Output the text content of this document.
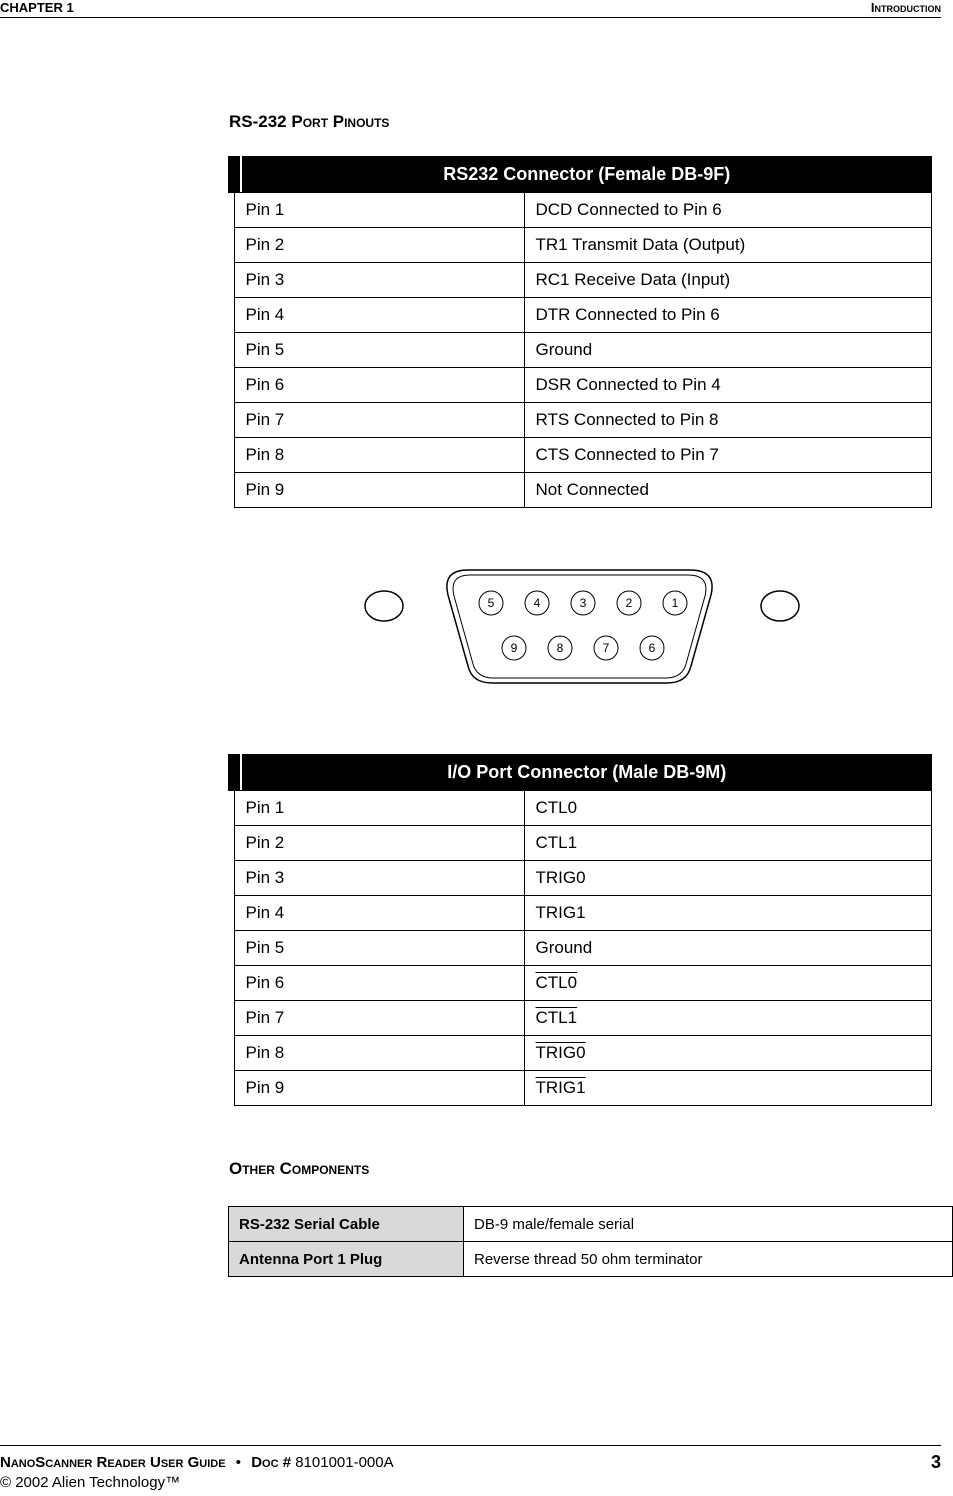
CHAPTER 1	Introduction
RS-232 Port Pinouts
RS232 Connector (Female DB-9F)	

Pin 1	DCD Connected to Pin 6
Pin 2	TR1 Transmit Data (Output)
Pin 3	RC1 Receive Data (Input)
Pin 4	DTR Connected to Pin 6
Pin 5	Ground
Pin 6	DSR Connected to Pin 4
Pin 7	RTS Connected to Pin 8
Pin 8	CTS Connected to Pin 7
Pin 9	Not Connected
5	4	3	2	1
9	8	7	6
I/O Port Connector (Male DB-9M)	

Pin 1	CTL0
Pin 2	CTL1
Pin 3	TRIG0
Pin 4	TRIG1
Pin 5	Ground
Pin 6	CTL0
Pin 7	CTL1
Pin 8	TRIG0
Pin 9	TRIG1
Other Components
RS-232 Serial Cable	DB-9 male/female serial
Antenna Port 1 Plug	Reverse thread 50 ohm terminator
NanoScanner Reader User Guide • Doc # 8101001-000A
© 2002 Alien Technology™
3
